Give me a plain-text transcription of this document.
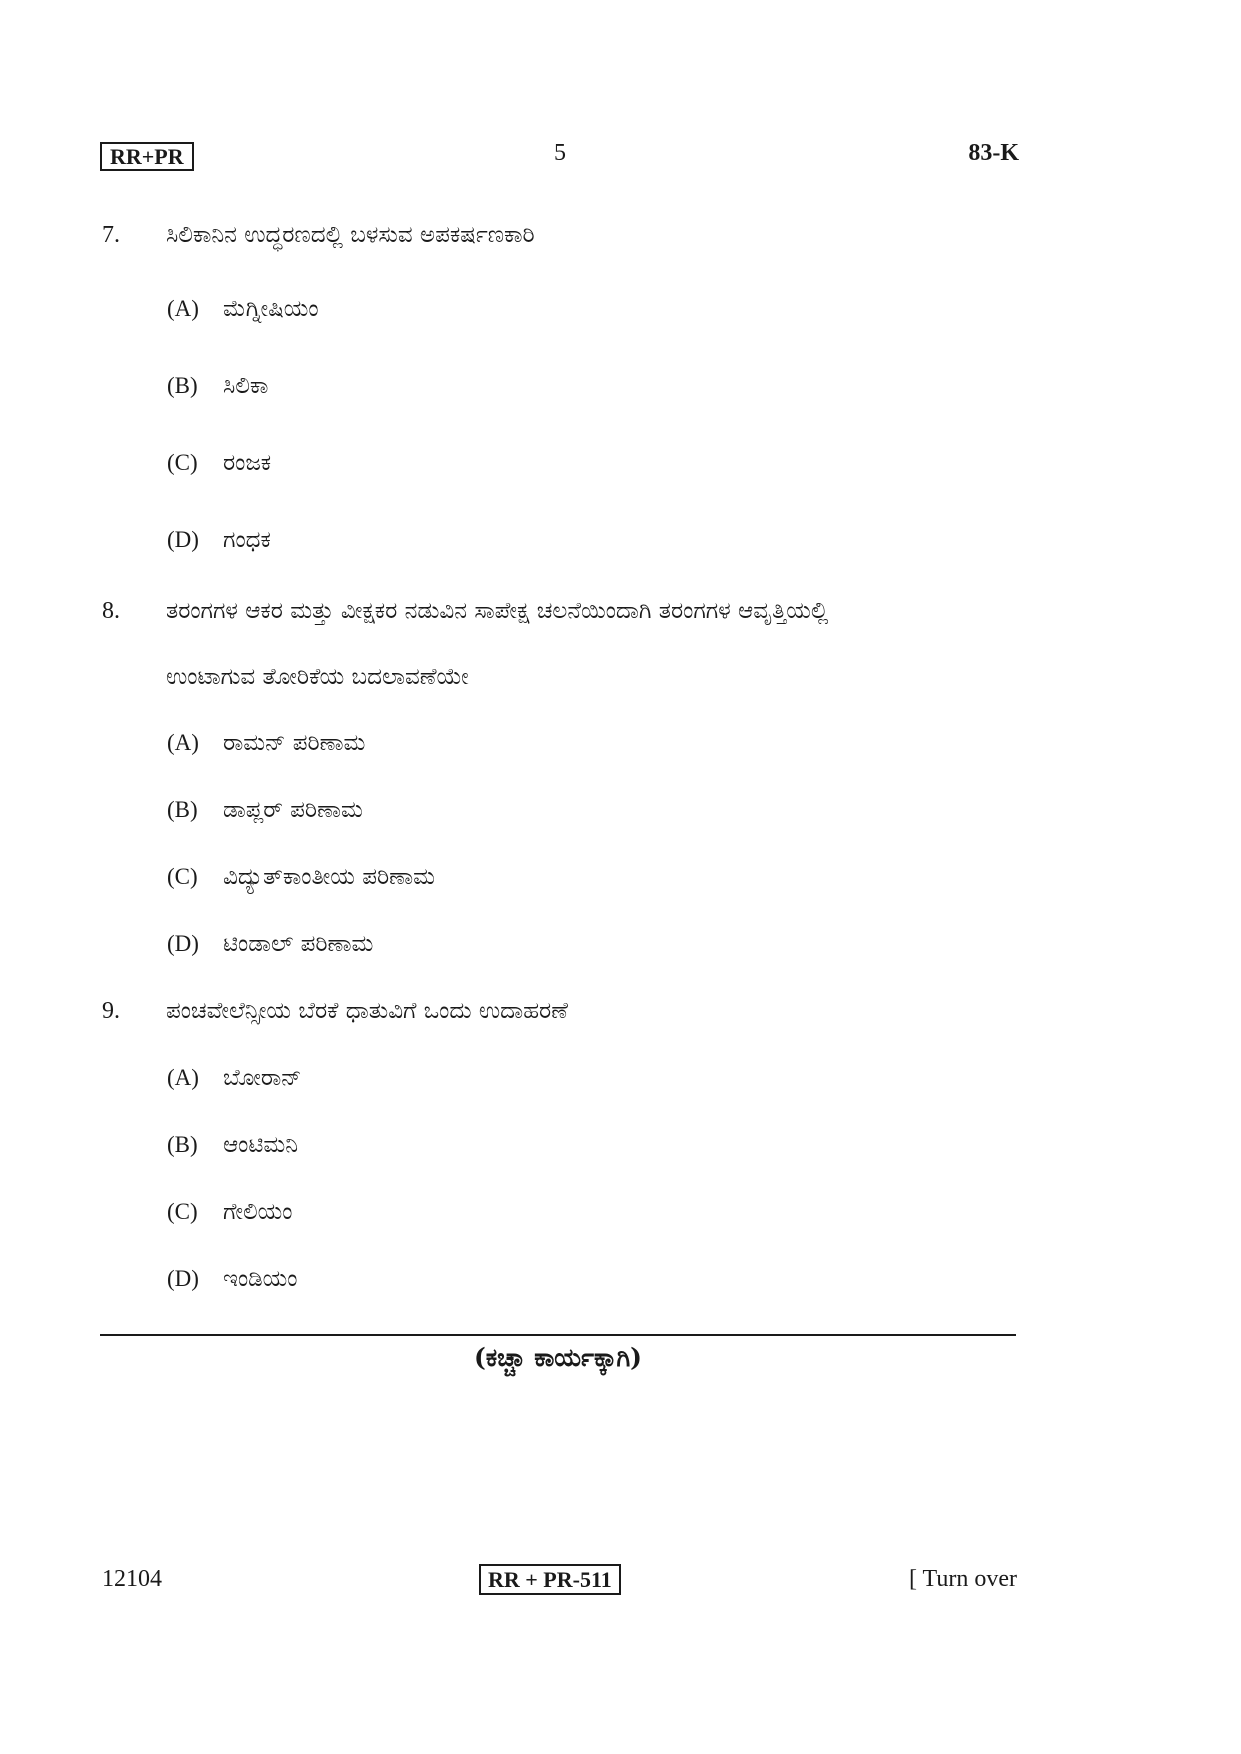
RR+PR	5	83-K
7. ಸಿಲಿಕಾನಿನ ಉದ್ಧರಣದಲ್ಲಿ ಬಳಸುವ ಅಪಕರ್ಷಣಕಾರಿ
(A) ಮೆಗ್ನೀಷಿಯಂ
(B) ಸಿಲಿಕಾ
(C) ರಂಜಕ
(D) ಗಂಧಕ
8. ತರಂಗಗಳ ಆಕರ ಮತ್ತು ವೀಕ್ಷಕರ ನಡುವಿನ ಸಾಪೇಕ್ಷ ಚಲನೆಯಿಂದಾಗಿ ತರಂಗಗಳ ಆವೃತ್ತಿಯಲ್ಲಿ
ಉಂಟಾಗುವ ತೋರಿಕೆಯ ಬದಲಾವಣೆಯೇ
(A) ರಾಮನ್ ಪರಿಣಾಮ
(B) ಡಾಪ್ಲರ್ ಪರಿಣಾಮ
(C) ವಿದ್ಯುತ್‌ಕಾಂತೀಯ ಪರಿಣಾಮ
(D) ಟಿಂಡಾಲ್ ಪರಿಣಾಮ
9. ಪಂಚವೇಲೆನ್ಸೀಯ ಬೆರಕೆ ಧಾತುವಿಗೆ ಒಂದು ಉದಾಹರಣೆ
(A) ಬೋರಾನ್
(B) ಆಂಟಿಮನಿ
(C) ಗೇಲಿಯಂ
(D) ಇಂಡಿಯಂ
(ಕಚ್ಚಾ ಕಾರ್ಯಕ್ಕಾಗಿ)
12104	RR + PR-511	[ Turn over
